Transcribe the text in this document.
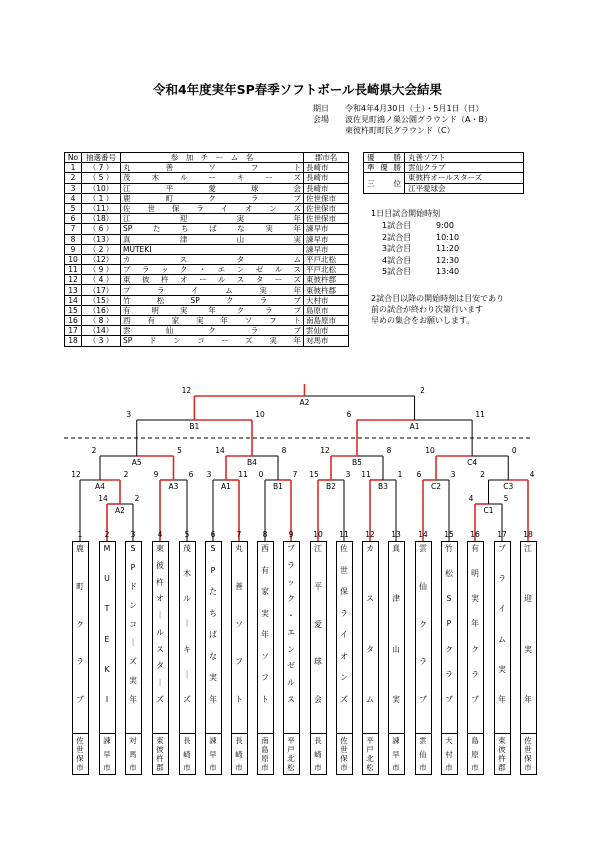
令和4年度実年SP春季ソフトボール長崎県大会結果
期日 令和4年4月30日（土）・5月1日（日）
会場 波佐見町鴻ノ巣公園グラウンド（A・B）
東彼杵町町民グラウンド（C）
No	抽選番号	参　加　チ　ー　ム　名	郡市名
1	（ 7 ）	丸善ソフト	長崎市
2	（ 5 ）	茂木ルーキーズ	長崎市
3	（10）	江平愛球会	長崎市
4	（ 1 ）	鹿町クラブ	佐世保市
5	（11）	佐世保ライオンズ	佐世保市
6	（18）	江迎実年	佐世保市
7	（ 6 ）	SPたちばな実年	諫早市
8	（13）	真津山実	諫早市
9	（ 2 ）	MUTEKI	諫早市
10	（12）	カスタム	平戸北松
11	（ 9 ）	ブラック・エンゼルス	平戸北松
12	（ 4 ）	東彼杵オールスターズ	東彼杵郡
13	（17）	プライム実年	東彼杵郡
14	（15）	竹松SPクラブ	大村市
15	（16）	有明実年クラブ	島原市
16	（ 8 ）	西有家実年ソフト	南島原市
17	（14）	雲仙クラブ	雲仙市
18	（ 3 ）	SPドンコーズ実年	対馬市
優勝	丸善ソフト
準優勝	雲仙クラブ
三位	東彼杵オールスターズ
	江平愛球会
1日目試合開始時刻
1試合目	9:00
2試合目	10:10
3試合目	11:20
4試合目	12:30
5試合目	13:40
2試合目以降の開始時刻は目安であり
前の試合が終わり次第行います
早めの集合をお願いします。
A2
B1	A1
A5	B4	B5	C4
A4	A3	A1	B1	B2	B3	C2	C3
A2	C1
12	2
3	10	6	11
2	5	14	8	12	8	10	0
12	2	9	6	3	11	0	7	15	3	11	1	6	3	2	4
14	2	4	5
1
鹿
町
ク
ラ
ブ
佐
世
保
市
2
M
U
T
E
K
I
諫
早
市
3
S
P
ド
ン
コ
｜
ズ
実
年
対
馬
市
4
東
彼
杵
オ
｜
ル
ス
タ
｜
ズ
東
彼
杵
郡
5
茂
木
ル
｜
キ
｜
ズ
長
崎
市
6
S
P
た
ち
ば
な
実
年
諫
早
市
7
丸
善
ソ
フ
ト
長
崎
市
8
西
有
家
実
年
ソ
フ
ト
南
島
原
市
9
ブ
ラ
ッ
ク
・
エ
ン
ゼ
ル
ス
平
戸
北
松
10
江
平
愛
球
会
長
崎
市
11
佐
世
保
ラ
イ
オ
ン
ズ
佐
世
保
市
12
カ
ス
タ
ム
平
戸
北
松
13
真
津
山
実
諫
早
市
14
雲
仙
ク
ラ
ブ
雲
仙
市
15
竹
松
S
P
ク
ラ
ブ
大
村
市
16
有
明
実
年
ク
ラ
ブ
島
原
市
17
プ
ラ
イ
ム
実
年
東
彼
杵
郡
18
江
迎
実
年
佐
世
保
市
